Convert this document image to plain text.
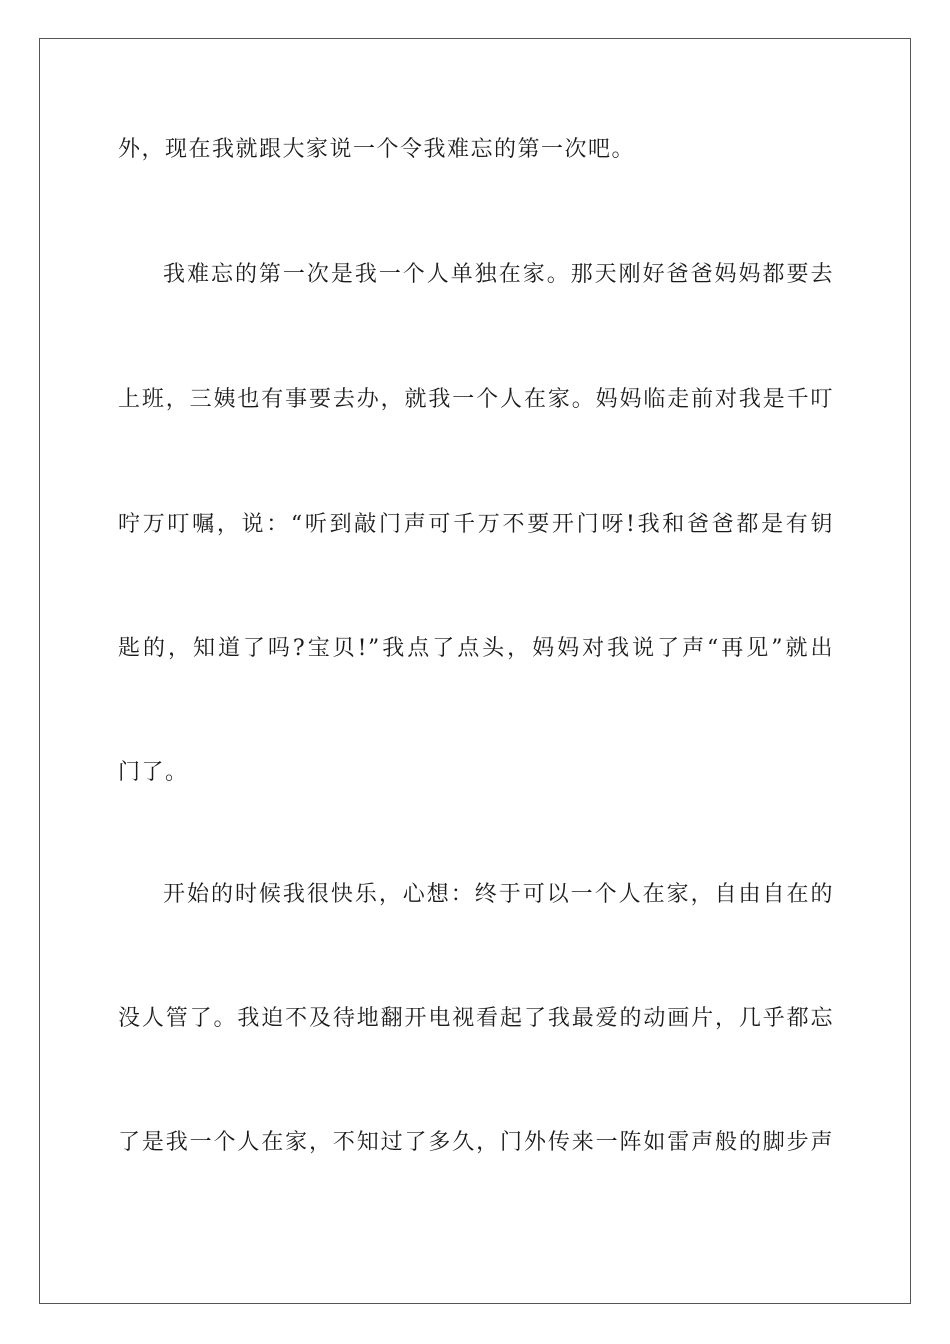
外，现在我就跟大家说一个令我难忘的第一次吧。

我难忘的第一次是我一个人单独在家。那天刚好爸爸妈妈都要去

上班，三姨也有事要去办，就我一个人在家。妈妈临走前对我是千叮

咛万叮嘱，说：“听到敲门声可千万不要开门呀!我和爸爸都是有钥

匙的，知道了吗?宝贝!”我点了点头，妈妈对我说了声“再见”就出

门了。

开始的时候我很快乐，心想：终于可以一个人在家，自由自在的

没人管了。我迫不及待地翻开电视看起了我最爱的动画片，几乎都忘

了是我一个人在家，不知过了多久，门外传来一阵如雷声般的脚步声
